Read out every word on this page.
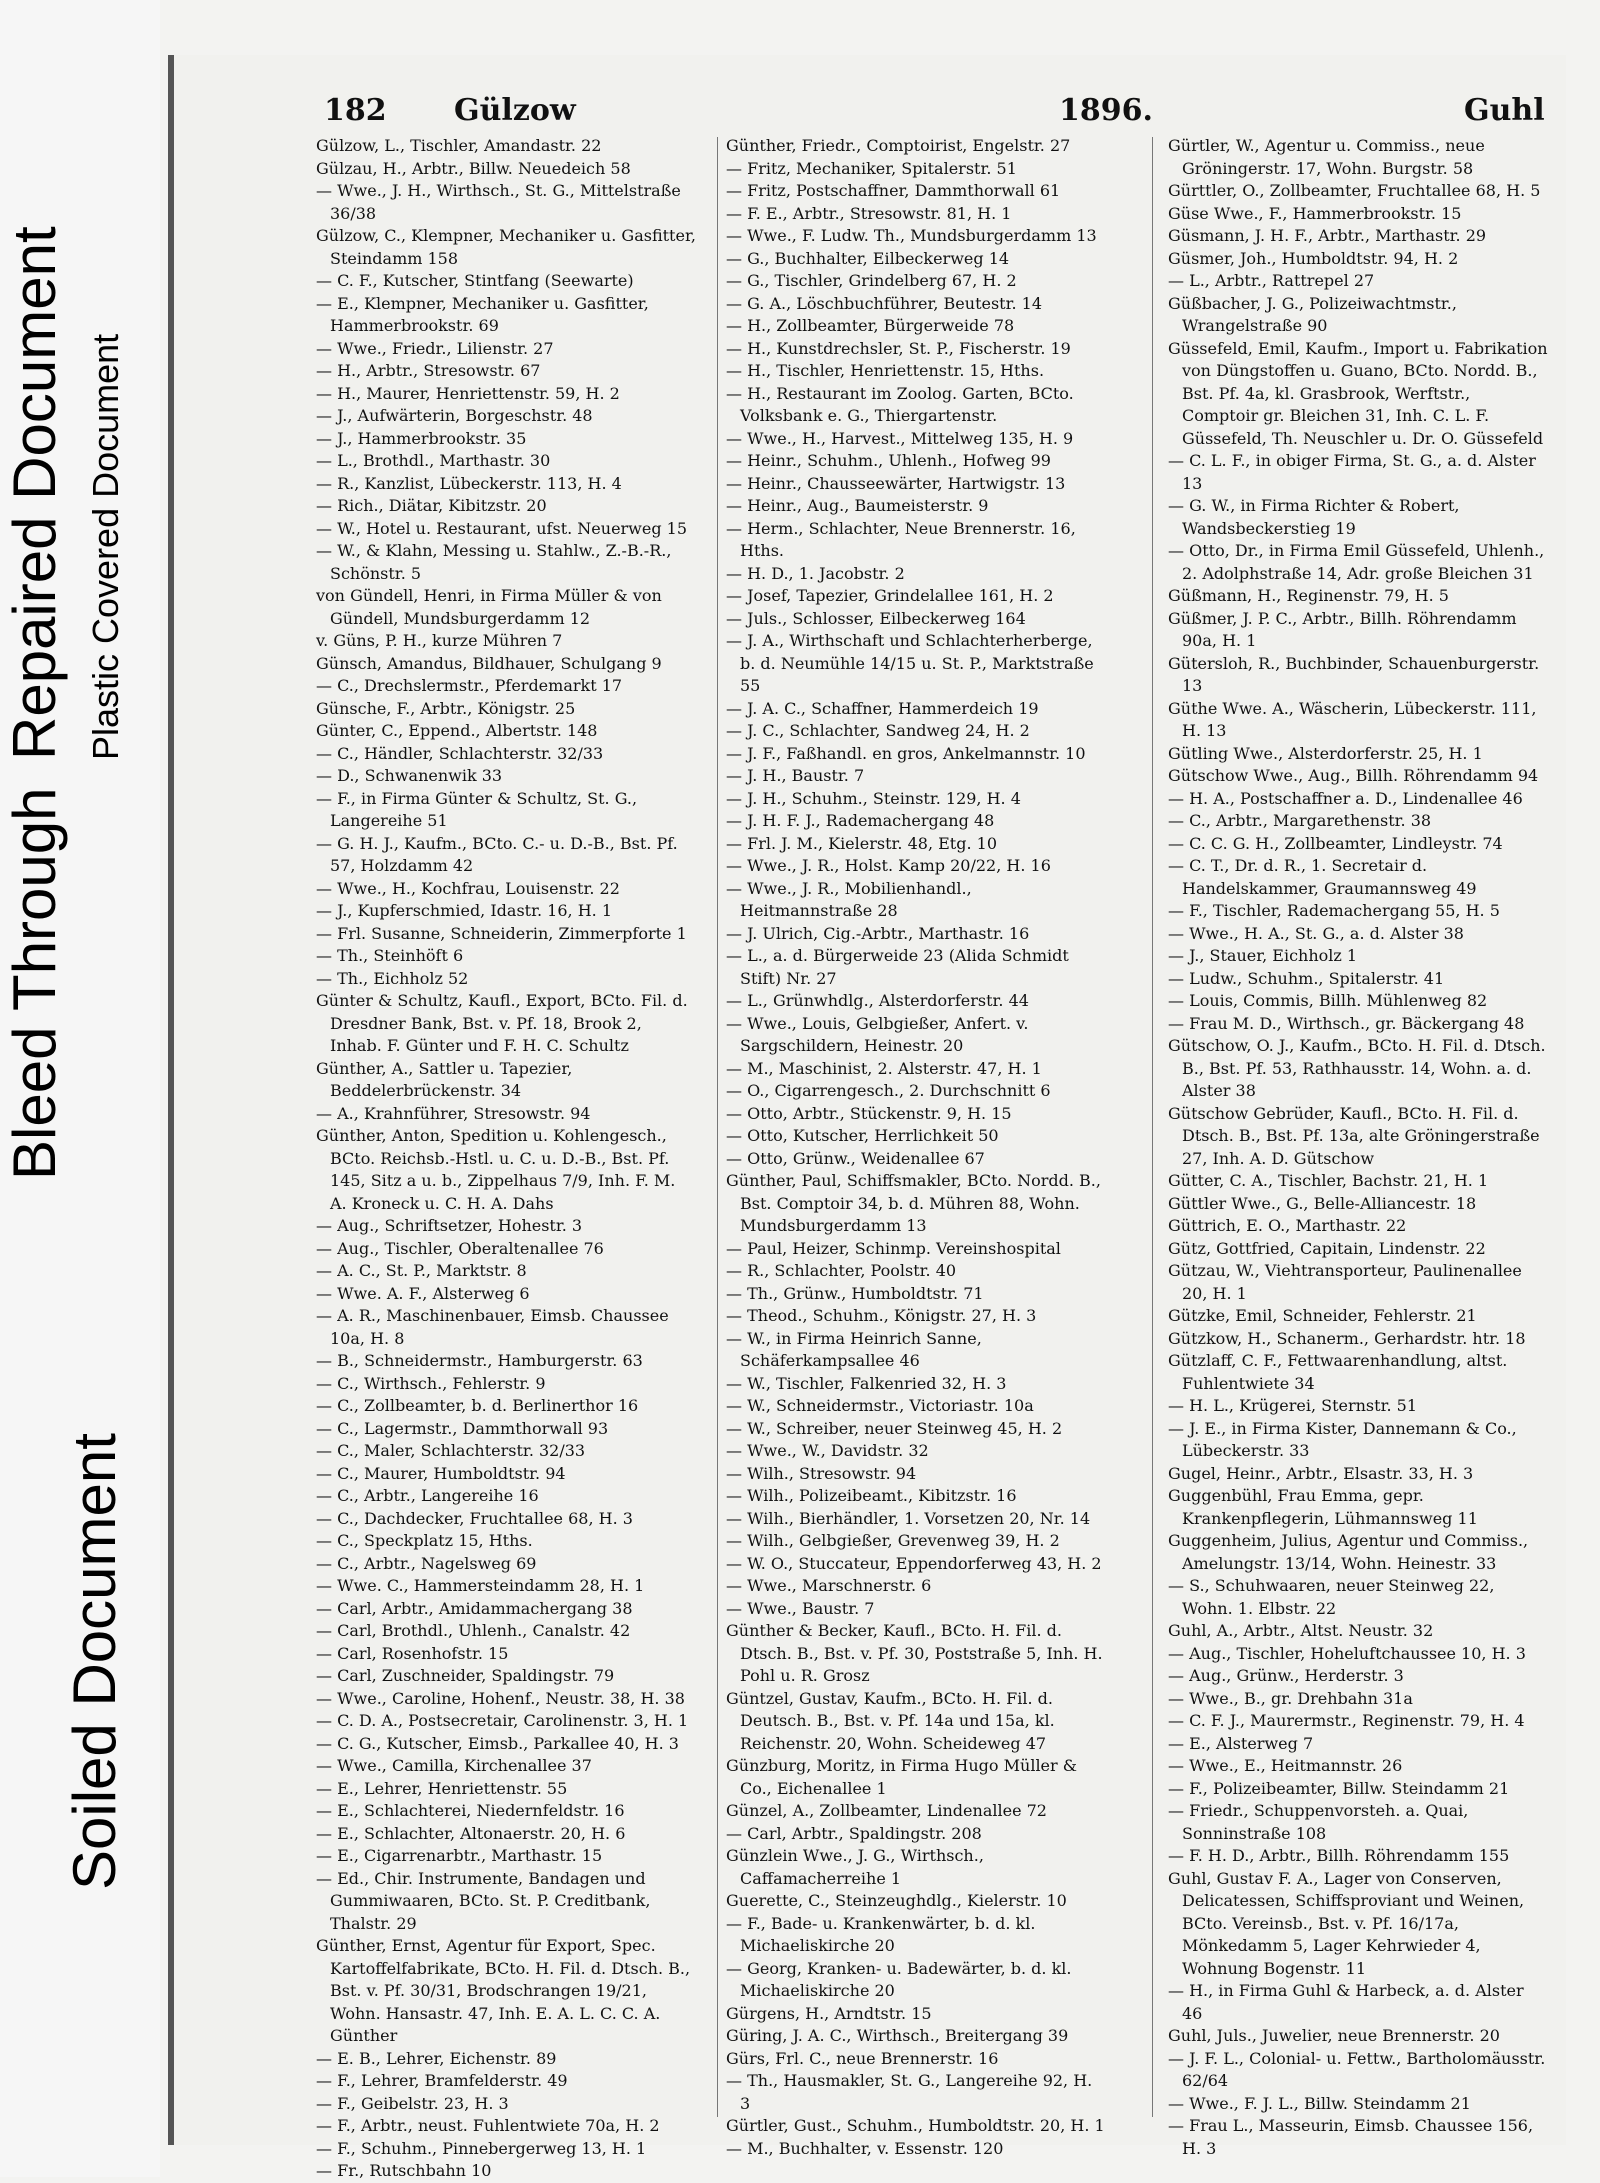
Soiled Document
Bleed Through
Repaired Document Plastic Covered Document
182 Gülzow	1896.	Guhl

Gülzow, L., Tischler, Amandastr. 22

Gülzau, H., Arbtr., Billw. Neuedeich 58

— Wwe., J. H., Wirthsch., St. G., Mittelstraße 36/38

Gülzow, C., Klempner, Mechaniker u. Gasfitter, Steindamm 158

— C. F., Kutscher, Stintfang (Seewarte)

— E., Klempner, Mechaniker u. Gasfitter, Hammerbrookstr. 69

— Wwe., Friedr., Lilienstr. 27

— H., Arbtr., Stresowstr. 67

— H., Maurer, Henriettenstr. 59, H. 2

— J., Aufwärterin, Borgeschstr. 48

— J., Hammerbrookstr. 35

— L., Brothdl., Marthastr. 30

— R., Kanzlist, Lübeckerstr. 113, H. 4

— Rich., Diätar, Kibitzstr. 20

— W., Hotel u. Restaurant, ufst. Neuerweg 15

— W., & Klahn, Messing u. Stahlw., Z.-B.-R., Schönstr. 5

von Gündell, Henri, in Firma Müller & von Gündell, Mundsburgerdamm 12

v. Güns, P. H., kurze Mühren 7

Günsch, Amandus, Bildhauer, Schulgang 9

— C., Drechslermstr., Pferdemarkt 17

Günsche, F., Arbtr., Königstr. 25

Günter, C., Eppend., Albertstr. 148

— C., Händler, Schlachterstr. 32/33

— D., Schwanenwik 33

— F., in Firma Günter & Schultz, St. G., Langereihe 51

— G. H. J., Kaufm., BCto. C.- u. D.-B., Bst. Pf. 57, Holzdamm 42

— Wwe., H., Kochfrau, Louisenstr. 22

— J., Kupferschmied, Idastr. 16, H. 1

— Frl. Susanne, Schneiderin, Zimmerpforte 1

— Th., Steinhöft 6

— Th., Eichholz 52

Günter & Schultz, Kaufl., Export, BCto. Fil. d. Dresdner Bank, Bst. v. Pf. 18, Brook 2, Inhab. F. Günter und F. H. C. Schultz

Günther, A., Sattler u. Tapezier, Beddelerbrückenstr. 34

— A., Krahnführer, Stresowstr. 94

Günther, Anton, Spedition u. Kohlengesch., BCto. Reichsb.-Hstl. u. C. u. D.-B., Bst. Pf. 145, Sitz a u. b., Zippelhaus 7/9, Inh. F. M. A. Kroneck u. C. H. A. Dahs

— Aug., Schriftsetzer, Hohestr. 3

— Aug., Tischler, Oberaltenallee 76

— A. C., St. P., Marktstr. 8

— Wwe. A. F., Alsterweg 6

— A. R., Maschinenbauer, Eimsb. Chaussee 10a, H. 8

— B., Schneidermstr., Hamburgerstr. 63

— C., Wirthsch., Fehlerstr. 9

— C., Zollbeamter, b. d. Berlinerthor 16

— C., Lagermstr., Dammthorwall 93

— C., Maler, Schlachterstr. 32/33

— C., Maurer, Humboldtstr. 94

— C., Arbtr., Langereihe 16

— C., Dachdecker, Fruchtallee 68, H. 3

— C., Speckplatz 15, Hths.

— C., Arbtr., Nagelsweg 69

— Wwe. C., Hammersteindamm 28, H. 1

— Carl, Arbtr., Amidammachergang 38

— Carl, Brothdl., Uhlenh., Canalstr. 42

— Carl, Rosenhofstr. 15

— Carl, Zuschneider, Spaldingstr. 79

— Wwe., Caroline, Hohenf., Neustr. 38, H. 38

— C. D. A., Postsecretair, Carolinenstr. 3, H. 1

— C. G., Kutscher, Eimsb., Parkallee 40, H. 3

— Wwe., Camilla, Kirchenallee 37

— E., Lehrer, Henriettenstr. 55

— E., Schlachterei, Niedernfeldstr. 16

— E., Schlachter, Altonaerstr. 20, H. 6

— E., Cigarrenarbtr., Marthastr. 15

— Ed., Chir. Instrumente, Bandagen und Gummiwaaren, BCto. St. P. Creditbank, Thalstr. 29

Günther, Ernst, Agentur für Export, Spec. Kartoffelfabrikate, BCto. H. Fil. d. Dtsch. B., Bst. v. Pf. 30/31, Brodschrangen 19/21, Wohn. Hansastr. 47, Inh. E. A. L. C. C. A. Günther

— E. B., Lehrer, Eichenstr. 89

— F., Lehrer, Bramfelderstr. 49

— F., Geibelstr. 23, H. 3

— F., Arbtr., neust. Fuhlentwiete 70a, H. 2

— F., Schuhm., Pinnebergerweg 13, H. 1

— Fr., Rutschbahn 10

Günther, Friedr., Comptoirist, Engelstr. 27

— Fritz, Mechaniker, Spitalerstr. 51

— Fritz, Postschaffner, Dammthorwall 61

— F. E., Arbtr., Stresowstr. 81, H. 1

— Wwe., F. Ludw. Th., Mundsburgerdamm 13

— G., Buchhalter, Eilbeckerweg 14

— G., Tischler, Grindelberg 67, H. 2

— G. A., Löschbuchführer, Beutestr. 14

— H., Zollbeamter, Bürgerweide 78

— H., Kunstdrechsler, St. P., Fischerstr. 19

— H., Tischler, Henriettenstr. 15, Hths.

— H., Restaurant im Zoolog. Garten, BCto. Volksbank e. G., Thiergartenstr.

— Wwe., H., Harvest., Mittelweg 135, H. 9

— Heinr., Schuhm., Uhlenh., Hofweg 99

— Heinr., Chausseewärter, Hartwigstr. 13

— Heinr., Aug., Baumeisterstr. 9

— Herm., Schlachter, Neue Brennerstr. 16, Hths.

— H. D., 1. Jacobstr. 2

— Josef, Tapezier, Grindelallee 161, H. 2

— Juls., Schlosser, Eilbeckerweg 164

— J. A., Wirthschaft und Schlachterherberge, b. d. Neumühle 14/15 u. St. P., Marktstraße 55

— J. A. C., Schaffner, Hammerdeich 19

— J. C., Schlachter, Sandweg 24, H. 2

— J. F., Faßhandl. en gros, Ankelmannstr. 10

— J. H., Baustr. 7

— J. H., Schuhm., Steinstr. 129, H. 4

— J. H. F. J., Rademachergang 48

— Frl. J. M., Kielerstr. 48, Etg. 10

— Wwe., J. R., Holst. Kamp 20/22, H. 16

— Wwe., J. R., Mobilienhandl., Heitmannstraße 28

— J. Ulrich, Cig.-Arbtr., Marthastr. 16

— L., a. d. Bürgerweide 23 (Alida Schmidt Stift) Nr. 27

— L., Grünwhdlg., Alsterdorferstr. 44

— Wwe., Louis, Gelbgießer, Anfert. v. Sargschildern, Heinestr. 20

— M., Maschinist, 2. Alsterstr. 47, H. 1

— O., Cigarrengesch., 2. Durchschnitt 6

— Otto, Arbtr., Stückenstr. 9, H. 15

— Otto, Kutscher, Herrlichkeit 50

— Otto, Grünw., Weidenallee 67

Günther, Paul, Schiffsmakler, BCto. Nordd. B., Bst. Comptoir 34, b. d. Mühren 88, Wohn. Mundsburgerdamm 13

— Paul, Heizer, Schinmp. Vereinshospital

— R., Schlachter, Poolstr. 40

— Th., Grünw., Humboldtstr. 71

— Theod., Schuhm., Königstr. 27, H. 3

— W., in Firma Heinrich Sanne, Schäferkampsallee 46

— W., Tischler, Falkenried 32, H. 3

— W., Schneidermstr., Victoriastr. 10a

— W., Schreiber, neuer Steinweg 45, H. 2

— Wwe., W., Davidstr. 32

— Wilh., Stresowstr. 94

— Wilh., Polizeibeamt., Kibitzstr. 16

— Wilh., Bierhändler, 1. Vorsetzen 20, Nr. 14

— Wilh., Gelbgießer, Grevenweg 39, H. 2

— W. O., Stuccateur, Eppendorferweg 43, H. 2

— Wwe., Marschnerstr. 6

— Wwe., Baustr. 7

Günther & Becker, Kaufl., BCto. H. Fil. d. Dtsch. B., Bst. v. Pf. 30, Poststraße 5, Inh. H. Pohl u. R. Grosz

Güntzel, Gustav, Kaufm., BCto. H. Fil. d. Deutsch. B., Bst. v. Pf. 14a und 15a, kl. Reichenstr. 20, Wohn. Scheideweg 47

Günzburg, Moritz, in Firma Hugo Müller & Co., Eichenallee 1

Günzel, A., Zollbeamter, Lindenallee 72

— Carl, Arbtr., Spaldingstr. 208

Günzlein Wwe., J. G., Wirthsch., Caffamacherreihe 1

Guerette, C., Steinzeughdlg., Kielerstr. 10

— F., Bade- u. Krankenwärter, b. d. kl. Michaeliskirche 20

— Georg, Kranken- u. Badewärter, b. d. kl. Michaeliskirche 20

Gürgens, H., Arndtstr. 15

Güring, J. A. C., Wirthsch., Breitergang 39

Gürs, Frl. C., neue Brennerstr. 16

— Th., Hausmakler, St. G., Langereihe 92, H. 3

Gürtler, Gust., Schuhm., Humboldtstr. 20, H. 1

— M., Buchhalter, v. Essenstr. 120

Gürtler, W., Agentur u. Commiss., neue Gröningerstr. 17, Wohn. Burgstr. 58

Gürttler, O., Zollbeamter, Fruchtallee 68, H. 5

Güse Wwe., F., Hammerbrookstr. 15

Güsmann, J. H. F., Arbtr., Marthastr. 29

Güsmer, Joh., Humboldtstr. 94, H. 2

— L., Arbtr., Rattrepel 27

Güßbacher, J. G., Polizeiwachtmstr., Wrangelstraße 90

Güssefeld, Emil, Kaufm., Import u. Fabrikation von Düngstoffen u. Guano, BCto. Nordd. B., Bst. Pf. 4a, kl. Grasbrook, Werftstr., Comptoir gr. Bleichen 31, Inh. C. L. F. Güssefeld, Th. Neuschler u. Dr. O. Güssefeld

— C. L. F., in obiger Firma, St. G., a. d. Alster 13

— G. W., in Firma Richter & Robert, Wandsbeckerstieg 19

— Otto, Dr., in Firma Emil Güssefeld, Uhlenh., 2. Adolphstraße 14, Adr. große Bleichen 31

Güßmann, H., Reginenstr. 79, H. 5

Güßmer, J. P. C., Arbtr., Billh. Röhrendamm 90a, H. 1

Gütersloh, R., Buchbinder, Schauenburgerstr. 13

Güthe Wwe. A., Wäscherin, Lübeckerstr. 111, H. 13

Gütling Wwe., Alsterdorferstr. 25, H. 1

Gütschow Wwe., Aug., Billh. Röhrendamm 94

— H. A., Postschaffner a. D., Lindenallee 46

— C., Arbtr., Margarethenstr. 38

— C. C. G. H., Zollbeamter, Lindleystr. 74

— C. T., Dr. d. R., 1. Secretair d. Handelskammer, Graumannsweg 49

— F., Tischler, Rademachergang 55, H. 5

— Wwe., H. A., St. G., a. d. Alster 38

— J., Stauer, Eichholz 1

— Ludw., Schuhm., Spitalerstr. 41

— Louis, Commis, Billh. Mühlenweg 82

— Frau M. D., Wirthsch., gr. Bäckergang 48

Gütschow, O. J., Kaufm., BCto. H. Fil. d. Dtsch. B., Bst. Pf. 53, Rathhausstr. 14, Wohn. a. d. Alster 38

Gütschow Gebrüder, Kaufl., BCto. H. Fil. d. Dtsch. B., Bst. Pf. 13a, alte Gröningerstraße 27, Inh. A. D. Gütschow

Gütter, C. A., Tischler, Bachstr. 21, H. 1

Güttler Wwe., G., Belle-Alliancestr. 18

Güttrich, E. O., Marthastr. 22

Gütz, Gottfried, Capitain, Lindenstr. 22

Gützau, W., Viehtransporteur, Paulinenallee 20, H. 1

Gützke, Emil, Schneider, Fehlerstr. 21

Gützkow, H., Schanerm., Gerhardstr. htr. 18

Gützlaff, C. F., Fettwaarenhandlung, altst. Fuhlentwiete 34

— H. L., Krügerei, Sternstr. 51

— J. E., in Firma Kister, Dannemann & Co., Lübeckerstr. 33

Gugel, Heinr., Arbtr., Elsastr. 33, H. 3

Guggenbühl, Frau Emma, gepr. Krankenpflegerin, Lühmannsweg 11

Guggenheim, Julius, Agentur und Commiss., Amelungstr. 13/14, Wohn. Heinestr. 33

— S., Schuhwaaren, neuer Steinweg 22, Wohn. 1. Elbstr. 22

Guhl, A., Arbtr., Altst. Neustr. 32

— Aug., Tischler, Hoheluftchaussee 10, H. 3

— Aug., Grünw., Herderstr. 3

— Wwe., B., gr. Drehbahn 31a

— C. F. J., Maurermstr., Reginenstr. 79, H. 4

— E., Alsterweg 7

— Wwe., E., Heitmannstr. 26

— F., Polizeibeamter, Billw. Steindamm 21

— Friedr., Schuppenvorsteh. a. Quai, Sonninstraße 108

— F. H. D., Arbtr., Billh. Röhrendamm 155

Guhl, Gustav F. A., Lager von Conserven, Delicatessen, Schiffsproviant und Weinen, BCto. Vereinsb., Bst. v. Pf. 16/17a, Mönkedamm 5, Lager Kehrwieder 4, Wohnung Bogenstr. 11

— H., in Firma Guhl & Harbeck, a. d. Alster 46

Guhl, Juls., Juwelier, neue Brennerstr. 20

— J. F. L., Colonial- u. Fettw., Bartholomäusstr. 62/64

— Wwe., F. J. L., Billw. Steindamm 21

— Frau L., Masseurin, Eimsb. Chaussee 156, H. 3
